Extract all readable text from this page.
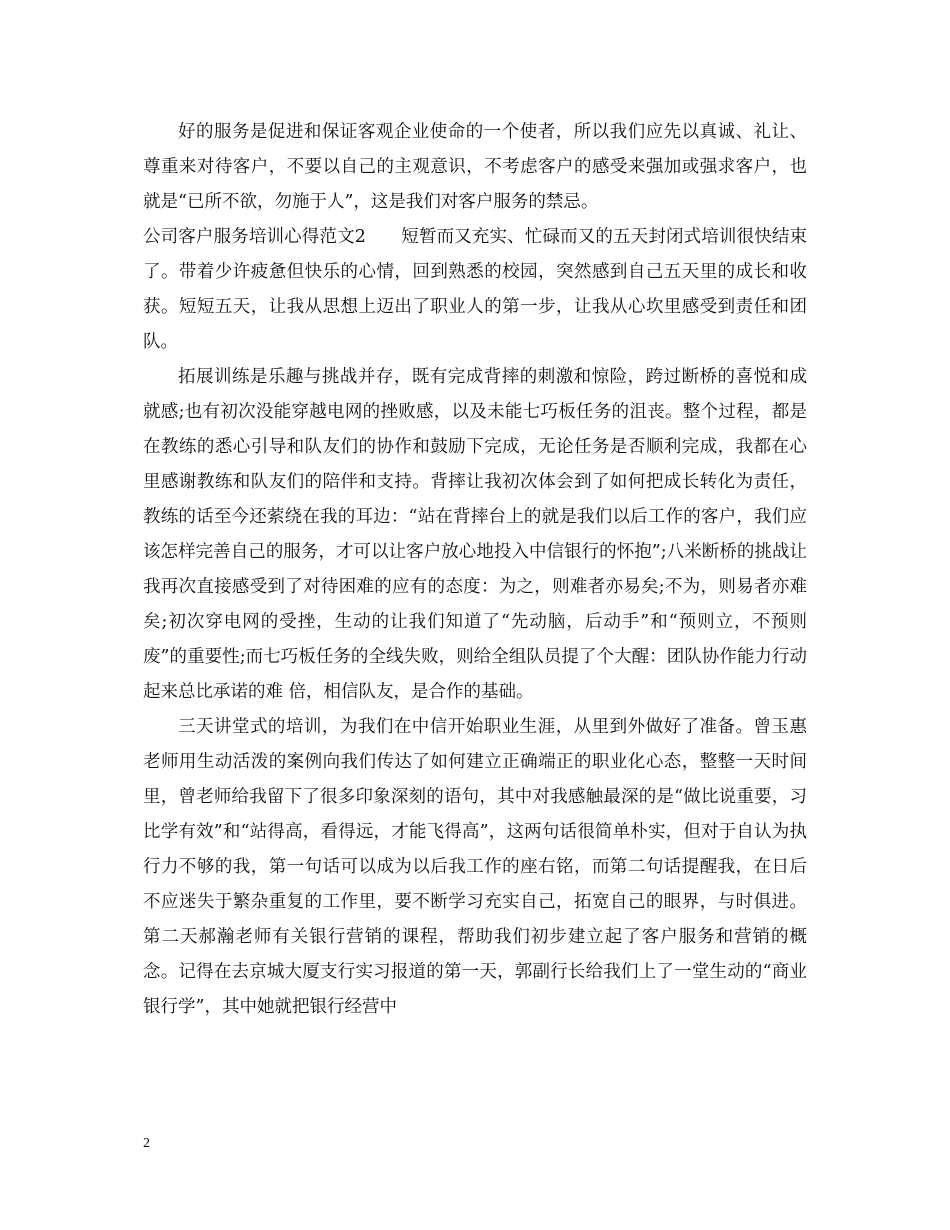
好的服务是促进和保证客观企业使命的一个使者，所以我们应先以真诚、礼让、尊重来对待客户，不要以自己的主观意识，不考虑客户的感受来强加或强求客户，也就是“已所不欲，勿施于人”，这是我们对客户服务的禁忌。

公司客户服务培训心得范文2　　短暂而又充实、忙碌而又的五天封闭式培训很快结束了。带着少许疲惫但快乐的心情，回到熟悉的校园，突然感到自己五天里的成长和收获。短短五天，让我从思想上迈出了职业人的第一步，让我从心坎里感受到责任和团队。

拓展训练是乐趣与挑战并存，既有完成背摔的刺激和惊险，跨过断桥的喜悦和成就感;也有初次没能穿越电网的挫败感，以及未能七巧板任务的沮丧。整个过程，都是在教练的悉心引导和队友们的协作和鼓励下完成，无论任务是否顺利完成，我都在心里感谢教练和队友们的陪伴和支持。背摔让我初次体会到了如何把成长转化为责任，教练的话至今还萦绕在我的耳边：“站在背摔台上的就是我们以后工作的客户，我们应该怎样完善自己的服务，才可以让客户放心地投入中信银行的怀抱”;八米断桥的挑战让我再次直接感受到了对待困难的应有的态度：为之，则难者亦易矣;不为，则易者亦难矣;初次穿电网的受挫，生动的让我们知道了“先动脑，后动手”和“预则立，不预则废”的重要性;而七巧板任务的全线失败，则给全组队员提了个大醒：团队协作能力行动起来总比承诺的难 倍，相信队友，是合作的基础。

三天讲堂式的培训，为我们在中信开始职业生涯，从里到外做好了准备。曾玉惠老师用生动活泼的案例向我们传达了如何建立正确端正的职业化心态，整整一天时间里，曾老师给我留下了很多印象深刻的语句，其中对我感触最深的是“做比说重要，习比学有效”和“站得高，看得远，才能飞得高”，这两句话很简单朴实，但对于自认为执行力不够的我，第一句话可以成为以后我工作的座右铭，而第二句话提醒我，在日后不应迷失于繁杂重复的工作里，要不断学习充实自己，拓宽自己的眼界，与时俱进。第二天郝瀚老师有关银行营销的课程，帮助我们初步建立起了客户服务和营销的概念。记得在去京城大厦支行实习报道的第一天，郭副行长给我们上了一堂生动的“商业银行学”，其中她就把银行经营中

2
